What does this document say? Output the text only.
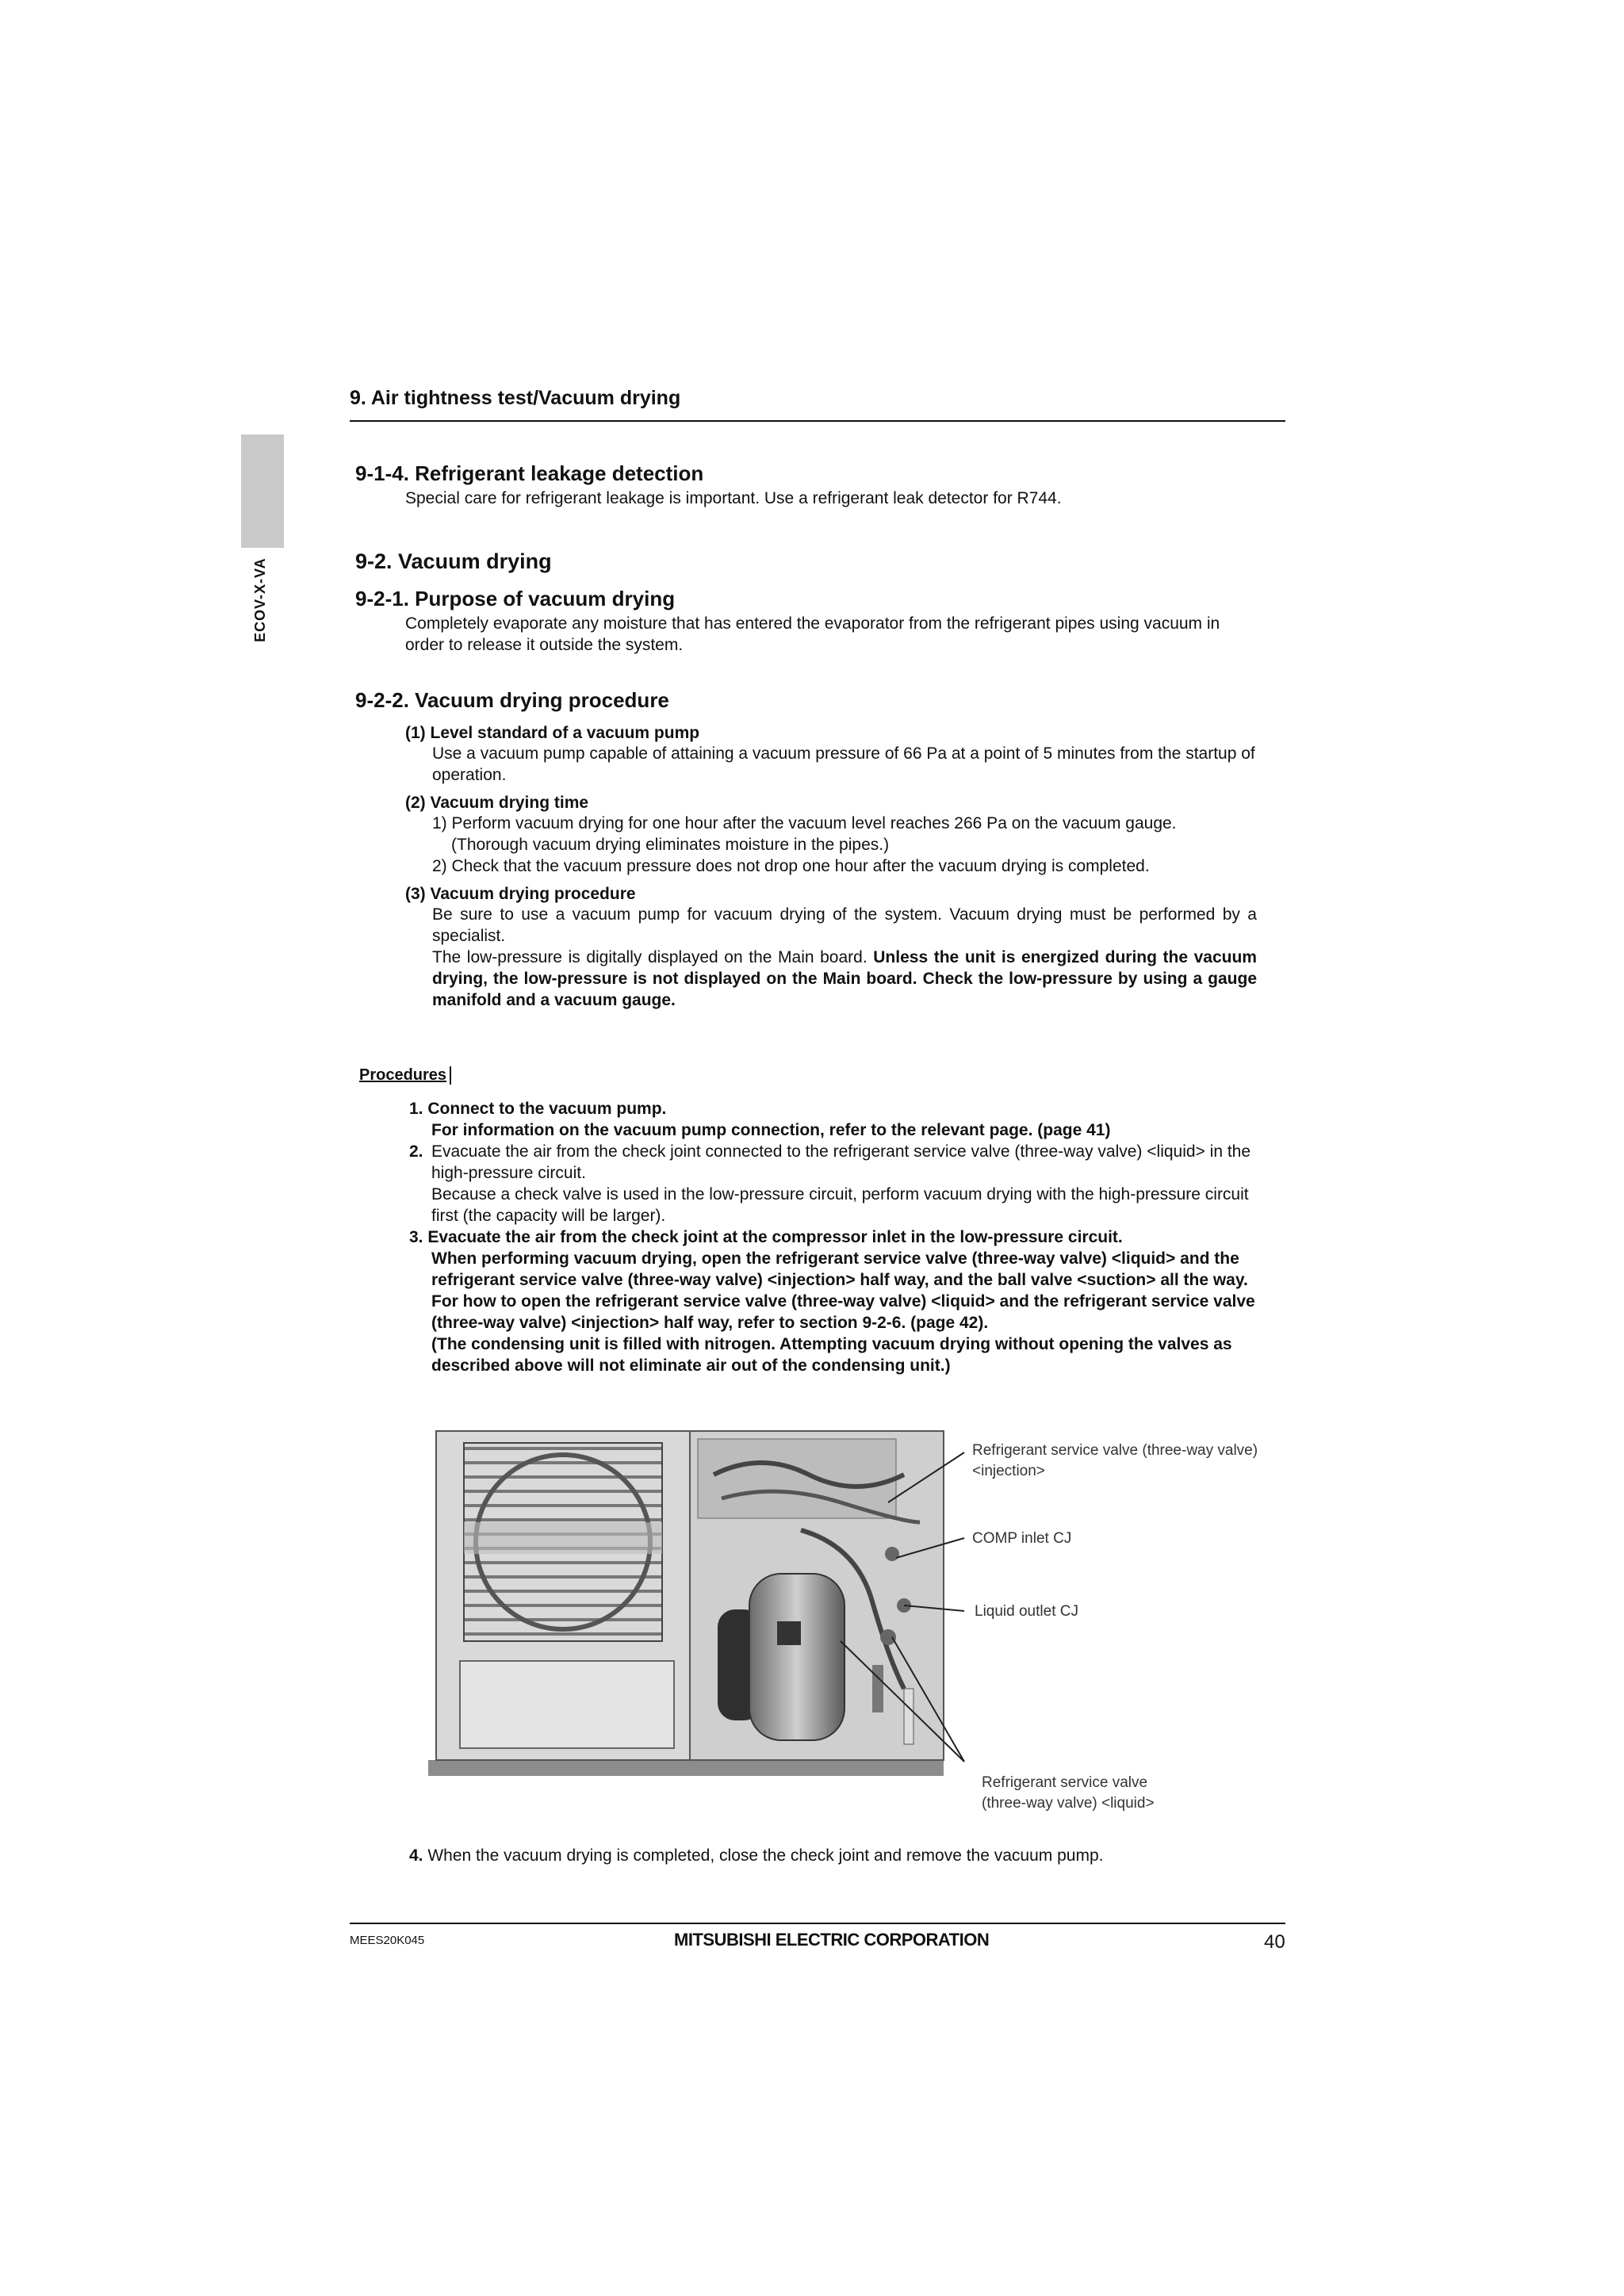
9. Air tightness test/Vacuum drying
ECOV-X-VA
9-1-4. Refrigerant leakage detection
Special care for refrigerant leakage is important. Use a refrigerant leak detector for R744.
9-2. Vacuum drying
9-2-1. Purpose of vacuum drying
Completely evaporate any moisture that has entered the evaporator from the refrigerant pipes using vacuum in order to release it outside the system.
9-2-2. Vacuum drying procedure
(1) Level standard of a vacuum pump
Use a vacuum pump capable of attaining a vacuum pressure of 66 Pa at a point of 5 minutes from the startup of operation.
(2) Vacuum drying time
1) Perform vacuum drying for one hour after the vacuum level reaches 266 Pa on the vacuum gauge.
(Thorough vacuum drying eliminates moisture in the pipes.)
2) Check that the vacuum pressure does not drop one hour after the vacuum drying is completed.
(3) Vacuum drying procedure
Be sure to use a vacuum pump for vacuum drying of the system. Vacuum drying must be performed by a specialist.
The low-pressure is digitally displayed on the Main board. Unless the unit is energized during the vacuum drying, the low-pressure is not displayed on the Main board. Check the low-pressure by using a gauge manifold and a vacuum gauge.
Procedures
1. Connect to the vacuum pump.
For information on the vacuum pump connection, refer to the relevant page. (page 41)
2. Evacuate the air from the check joint connected to the refrigerant service valve (three-way valve) <liquid> in the high-pressure circuit.
Because a check valve is used in the low-pressure circuit, perform vacuum drying with the high-pressure circuit first (the capacity will be larger).
3. Evacuate the air from the check joint at the compressor inlet in the low-pressure circuit.
When performing vacuum drying, open the refrigerant service valve (three-way valve) <liquid> and the refrigerant service valve (three-way valve) <injection> half way, and the ball valve <suction> all the way.
For how to open the refrigerant service valve (three-way valve) <liquid> and the refrigerant service valve (three-way valve) <injection> half way, refer to section 9-2-6. (page 42).
(The condensing unit is filled with nitrogen. Attempting vacuum drying without opening the valves as described above will not eliminate air out of the condensing unit.)
Refrigerant service valve (three-way valve)
<injection>
COMP inlet CJ
Liquid outlet CJ
Refrigerant service valve
(three-way valve) <liquid>
4. When the vacuum drying is completed, close the check joint and remove the vacuum pump.
MEES20K045	MITSUBISHI ELECTRIC CORPORATION	40
